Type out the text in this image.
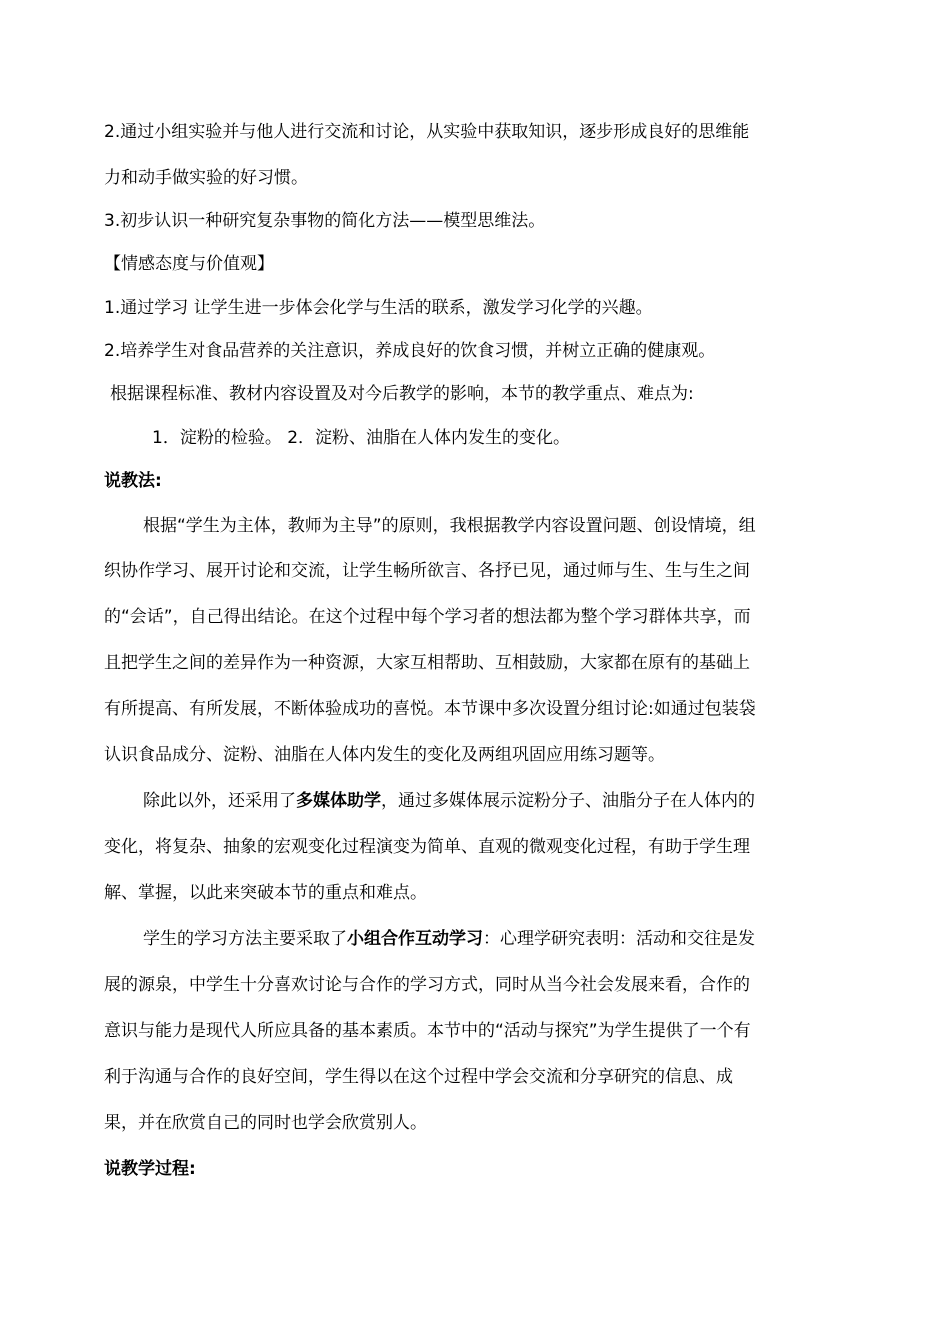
2.通过小组实验并与他人进行交流和讨论，从实验中获取知识，逐步形成良好的思维能
力和动手做实验的好习惯。
3.初步认识一种研究复杂事物的简化方法——模型思维法。
【情感态度与价值观】
1.通过学习 让学生进一步体会化学与生活的联系，激发学习化学的兴趣。
2.培养学生对食品营养的关注意识，养成良好的饮食习惯，并树立正确的健康观。
根据课程标准、教材内容设置及对今后教学的影响，本节的教学重点、难点为:
1．淀粉的检验。 2．淀粉、油脂在人体内发生的变化。
说教法:
根据“学生为主体，教师为主导”的原则，我根据教学内容设置问题、创设情境，组
织协作学习、展开讨论和交流，让学生畅所欲言、各抒已见，通过师与生、生与生之间
的“会话”，自己得出结论。在这个过程中每个学习者的想法都为整个学习群体共享，而
且把学生之间的差异作为一种资源，大家互相帮助、互相鼓励，大家都在原有的基础上
有所提高、有所发展，不断体验成功的喜悦。本节课中多次设置分组讨论:如通过包装袋
认识食品成分、淀粉、油脂在人体内发生的变化及两组巩固应用练习题等。
除此以外，还采用了多媒体助学，通过多媒体展示淀粉分子、油脂分子在人体内的
变化，将复杂、抽象的宏观变化过程演变为简单、直观的微观变化过程，有助于学生理
解、掌握，以此来突破本节的重点和难点。
学生的学习方法主要采取了小组合作互动学习：心理学研究表明：活动和交往是发
展的源泉，中学生十分喜欢讨论与合作的学习方式，同时从当今社会发展来看，合作的
意识与能力是现代人所应具备的基本素质。本节中的“活动与探究”为学生提供了一个有
利于沟通与合作的良好空间，学生得以在这个过程中学会交流和分享研究的信息、成
果，并在欣赏自己的同时也学会欣赏别人。
说教学过程:
